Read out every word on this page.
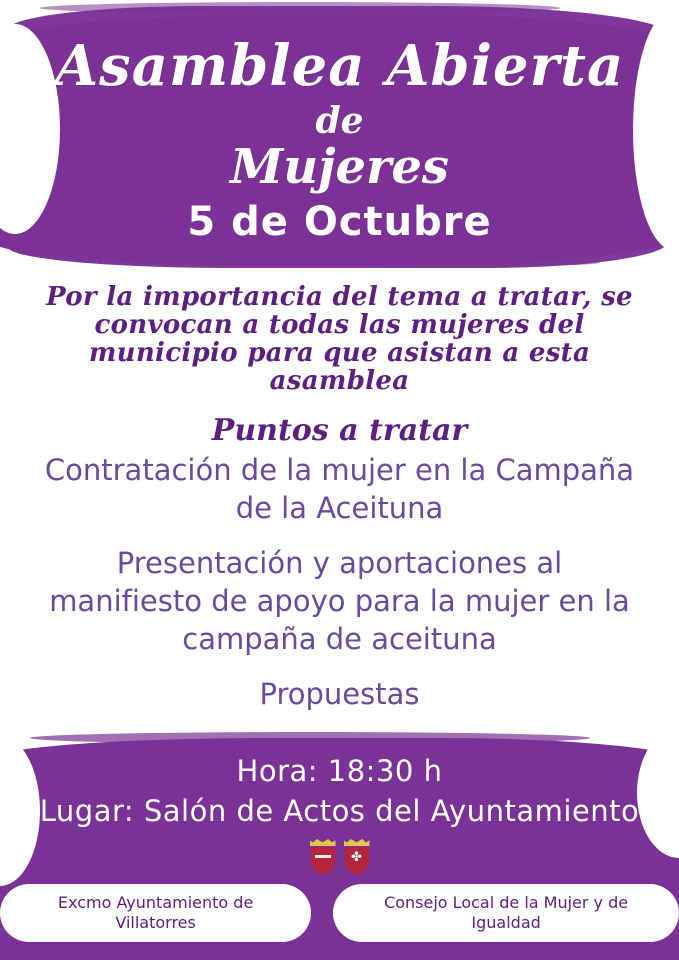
Asamblea Abierta
de
Mujeres
5 de Octubre
Por la importancia del tema a tratar, se convocan a todas las mujeres del municipio para que asistan a esta asamblea
Puntos a tratar
Contratación de la mujer en la Campaña de la Aceituna
Presentación y aportaciones al manifiesto de apoyo para la mujer en la campaña de aceituna
Propuestas
Hora: 18:30 h
Lugar: Salón de Actos del Ayuntamiento
✤
Excmo Ayuntamiento de Villatorres
Consejo Local de la Mujer y de Igualdad
